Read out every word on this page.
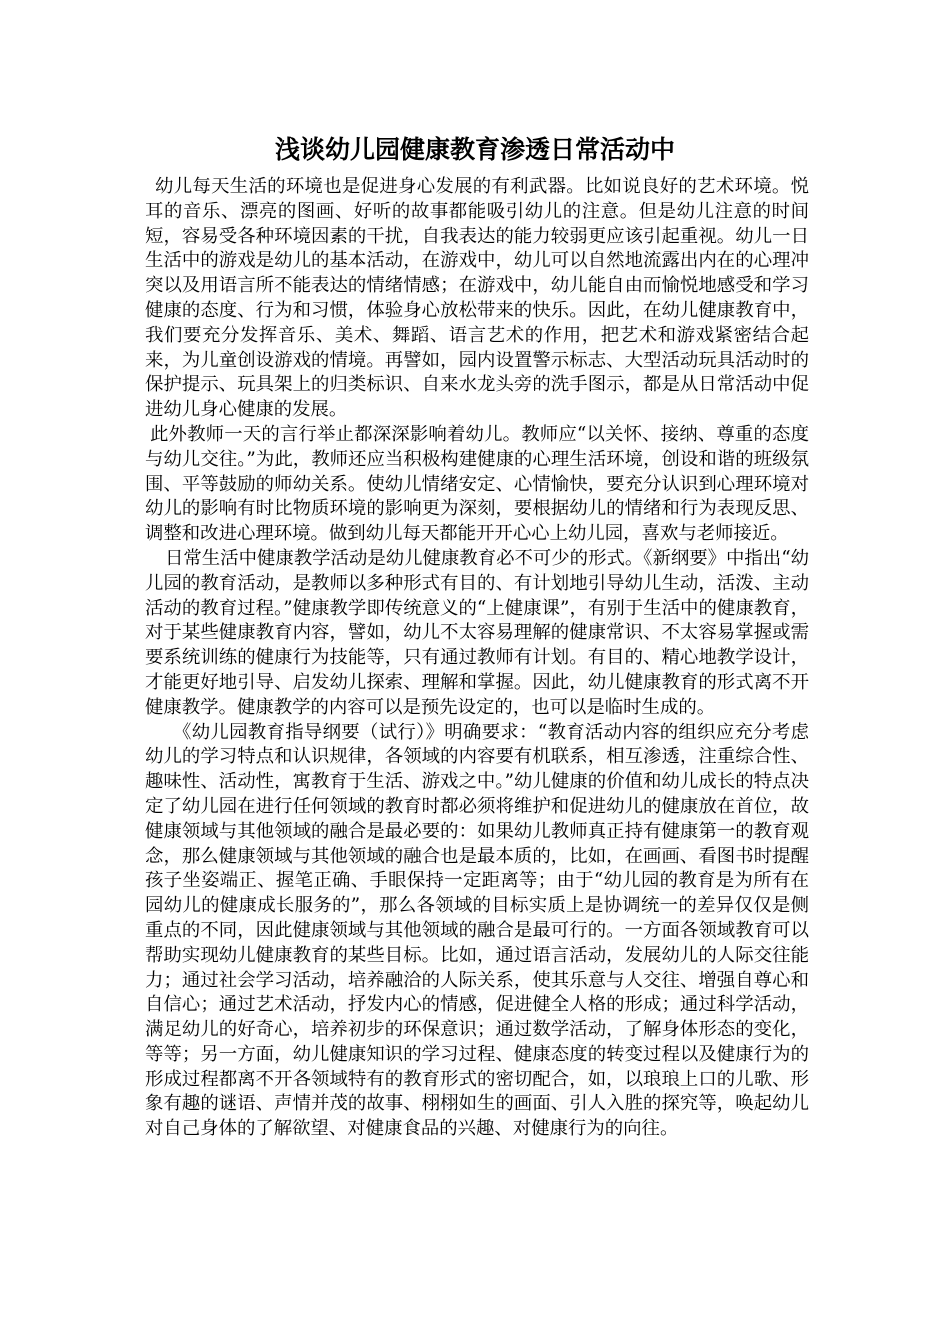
浅谈幼儿园健康教育渗透日常活动中

幼儿每天生活的环境也是促进身心发展的有利武器。比如说良好的艺术环境。悦耳的音乐、漂亮的图画、好听的故事都能吸引幼儿的注意。但是幼儿注意的时间短，容易受各种环境因素的干扰，自我表达的能力较弱更应该引起重视。幼儿一日生活中的游戏是幼儿的基本活动，在游戏中，幼儿可以自然地流露出内在的心理冲突以及用语言所不能表达的情绪情感；在游戏中，幼儿能自由而愉悦地感受和学习健康的态度、行为和习惯，体验身心放松带来的快乐。因此，在幼儿健康教育中，我们要充分发挥音乐、美术、舞蹈、语言艺术的作用，把艺术和游戏紧密结合起来，为儿童创设游戏的情境。再譬如，园内设置警示标志、大型活动玩具活动时的保护提示、玩具架上的归类标识、自来水龙头旁的洗手图示，都是从日常活动中促进幼儿身心健康的发展。

此外教师一天的言行举止都深深影响着幼儿。教师应“以关怀、接纳、尊重的态度与幼儿交往。”为此，教师还应当积极构建健康的心理生活环境，创设和谐的班级氛围、平等鼓励的师幼关系。使幼儿情绪安定、心情愉快，要充分认识到心理环境对幼儿的影响有时比物质环境的影响更为深刻，要根据幼儿的情绪和行为表现反思、调整和改进心理环境。做到幼儿每天都能开开心心上幼儿园，喜欢与老师接近。

日常生活中健康教学活动是幼儿健康教育必不可少的形式。《新纲要》中指出“幼儿园的教育活动，是教师以多种形式有目的、有计划地引导幼儿生动，活泼、主动活动的教育过程。”健康教学即传统意义的“上健康课”，有别于生活中的健康教育，对于某些健康教育内容，譬如，幼儿不太容易理解的健康常识、不太容易掌握或需要系统训练的健康行为技能等，只有通过教师有计划。有目的、精心地教学设计，才能更好地引导、启发幼儿探索、理解和掌握。因此，幼儿健康教育的形式离不开健康教学。健康教学的内容可以是预先设定的，也可以是临时生成的。

《幼儿园教育指导纲要（试行）》明确要求：“教育活动内容的组织应充分考虑幼儿的学习特点和认识规律，各领域的内容要有机联系，相互渗透，注重综合性、趣味性、活动性，寓教育于生活、游戏之中。”幼儿健康的价值和幼儿成长的特点决定了幼儿园在进行任何领域的教育时都必须将维护和促进幼儿的健康放在首位，故健康领域与其他领域的融合是最必要的：如果幼儿教师真正持有健康第一的教育观念，那么健康领域与其他领域的融合也是最本质的，比如，在画画、看图书时提醒孩子坐姿端正、握笔正确、手眼保持一定距离等；由于“幼儿园的教育是为所有在园幼儿的健康成长服务的”，那么各领域的目标实质上是协调统一的差异仅仅是侧重点的不同，因此健康领域与其他领域的融合是最可行的。一方面各领域教育可以帮助实现幼儿健康教育的某些目标。比如，通过语言活动，发展幼儿的人际交往能力；通过社会学习活动，培养融洽的人际关系，使其乐意与人交往、增强自尊心和自信心；通过艺术活动，抒发内心的情感，促进健全人格的形成；通过科学活动，满足幼儿的好奇心，培养初步的环保意识；通过数学活动，了解身体形态的变化，等等；另一方面，幼儿健康知识的学习过程、健康态度的转变过程以及健康行为的形成过程都离不开各领域特有的教育形式的密切配合，如，以琅琅上口的儿歌、形象有趣的谜语、声情并茂的故事、栩栩如生的画面、引人入胜的探究等，唤起幼儿对自己身体的了解欲望、对健康食品的兴趣、对健康行为的向往。
